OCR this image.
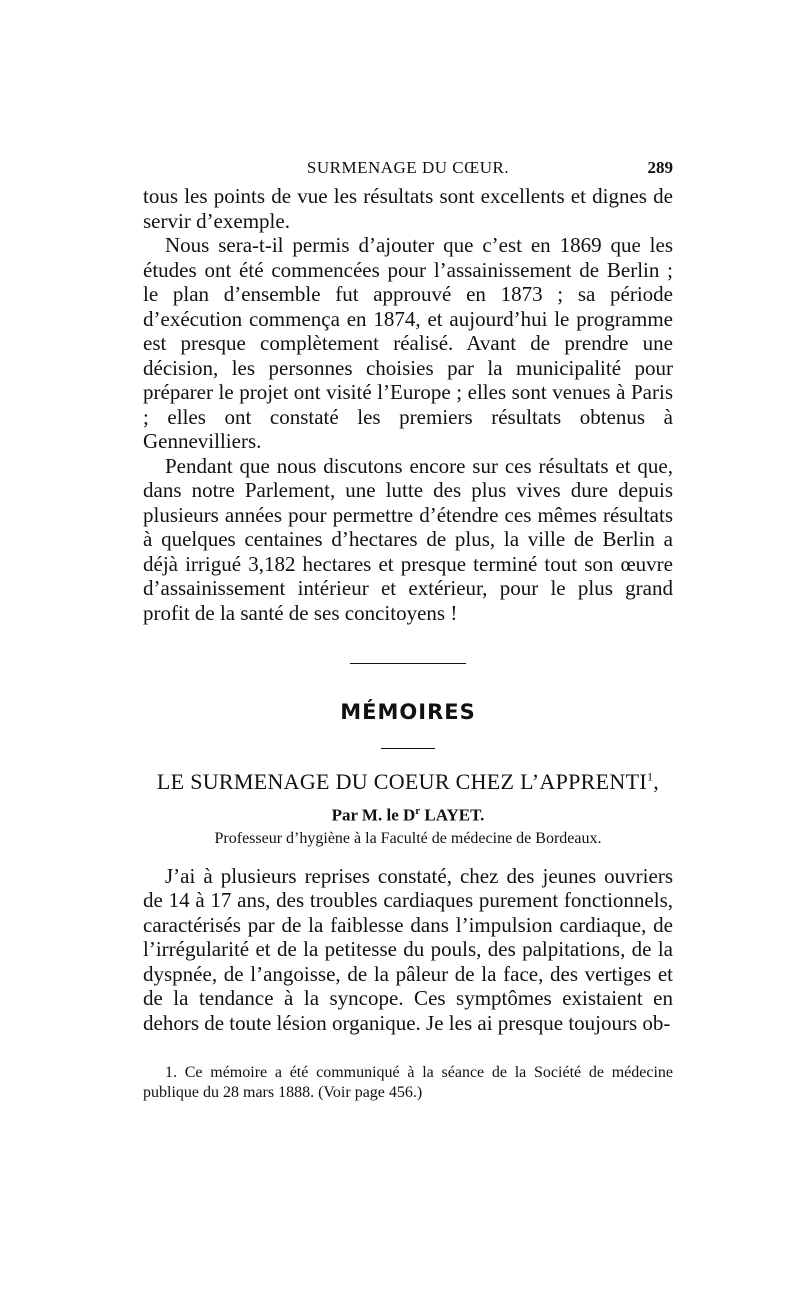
SURMENAGE DU CŒUR.	289

tous les points de vue les résultats sont excellents et dignes de servir d’exemple.

Nous sera-t-il permis d’ajouter que c’est en 1869 que les études ont été commencées pour l’assainissement de Berlin ; le plan d’ensemble fut approuvé en 1873 ; sa période d’exécution commença en 1874, et aujourd’hui le programme est presque complètement réalisé. Avant de prendre une décision, les personnes choisies par la municipalité pour préparer le projet ont visité l’Europe ; elles sont venues à Paris ; elles ont constaté les premiers résultats obtenus à Gennevilliers.

Pendant que nous discutons encore sur ces résultats et que, dans notre Parlement, une lutte des plus vives dure depuis plusieurs années pour permettre d’étendre ces mêmes résultats à quelques centaines d’hectares de plus, la ville de Berlin a déjà irrigué 3,182 hectares et presque terminé tout son œuvre d’assainissement intérieur et extérieur, pour le plus grand profit de la santé de ses concitoyens !

MÉMOIRES
LE SURMENAGE DU COEUR CHEZ L’APPRENTI$^1$,
Par M. le $D^r$ LAYET.
Professeur d’hygiène à la Faculté de médecine de Bordeaux.

J’ai à plusieurs reprises constaté, chez des jeunes ouvriers de 14 à 17 ans, des troubles cardiaques purement fonctionnels, caractérisés par de la faiblesse dans l’impulsion cardiaque, de l’irrégularité et de la petitesse du pouls, des palpitations, de la dyspnée, de l’angoisse, de la pâleur de la face, des vertiges et de la tendance à la syncope. Ces symptômes existaient en dehors de toute lésion organique. Je les ai presque toujours ob-

1. Ce mémoire a été communiqué à la séance de la Société de médecine publique du 28 mars 1888. (Voir page 456.)
